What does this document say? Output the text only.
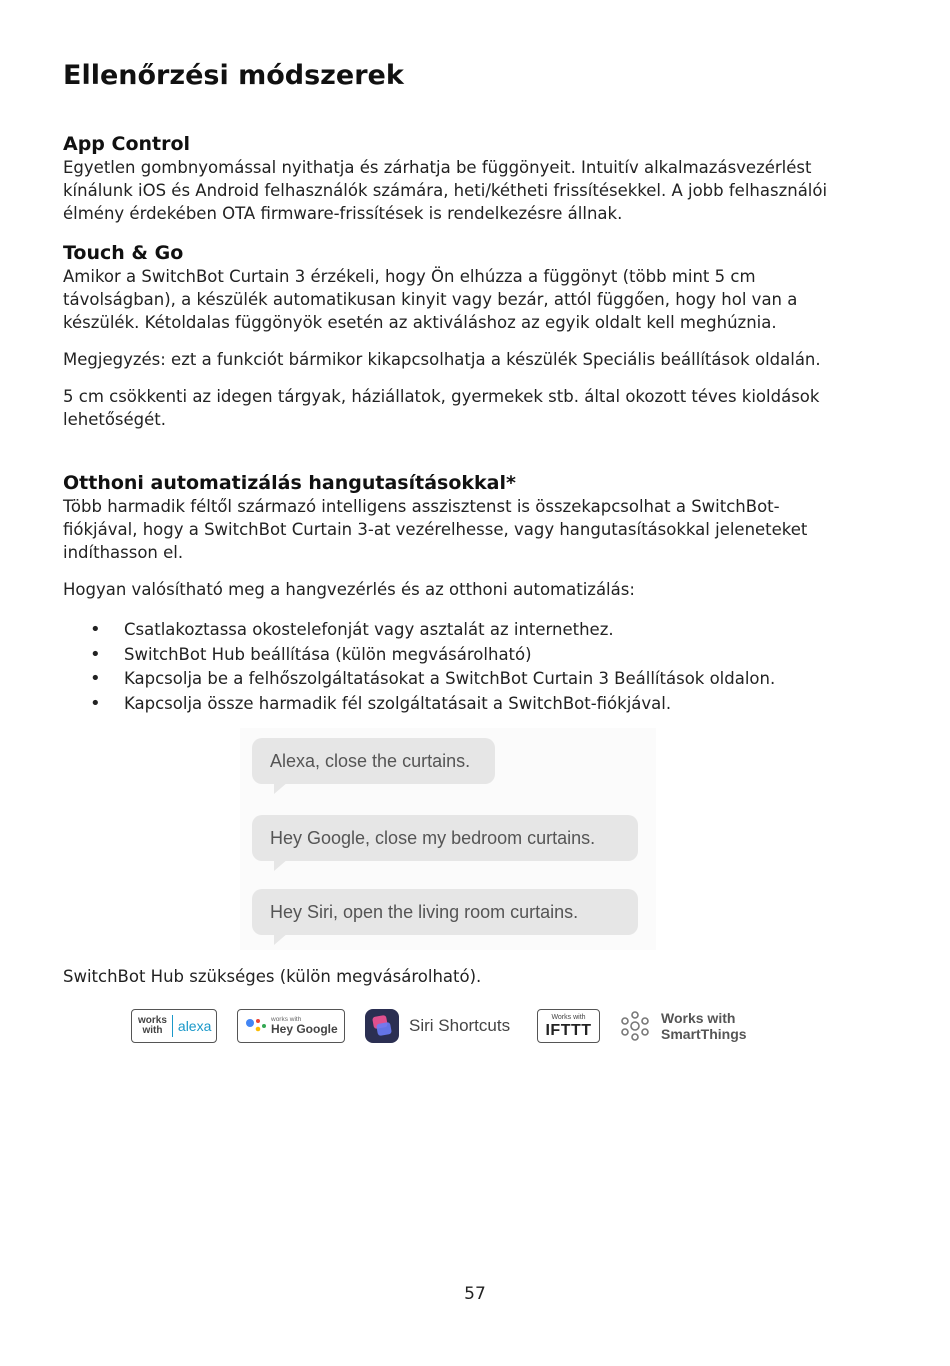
Ellenőrzési módszerek
App Control

Egyetlen gombnyomással nyithatja és zárhatja be függönyeit. Intuitív alkalmazásvezérlést kínálunk iOS és Android felhasználók számára, heti/kétheti frissítésekkel. A jobb felhasználói élmény érdekében OTA firmware-frissítések is rendelkezésre állnak.

Touch & Go

Amikor a SwitchBot Curtain 3 érzékeli, hogy Ön elhúzza a függönyt (több mint 5 cm távolságban), a készülék automatikusan kinyit vagy bezár, attól függően, hogy hol van a készülék. Kétoldalas függönyök esetén az aktiváláshoz az egyik oldalt kell meghúznia.

Megjegyzés: ezt a funkciót bármikor kikapcsolhatja a készülék Speciális beállítások oldalán.

5 cm csökkenti az idegen tárgyak, háziállatok, gyermekek stb. által okozott téves kioldások lehetőségét.

Otthoni automatizálás hangutasításokkal*

Több harmadik féltől származó intelligens asszisztenst is összekapcsolhat a SwitchBot-fiókjával, hogy a SwitchBot Curtain 3-at vezérelhesse, vagy hangutasításokkal jeleneteket indíthasson el.

Hogyan valósítható meg a hangvezérlés és az otthoni automatizálás:

• Csatlakoztassa okostelefonját vagy asztalát az internethez.
• SwitchBot Hub beállítása (külön megvásárolható)
• Kapcsolja be a felhőszolgáltatásokat a SwitchBot Curtain 3 Beállítások oldalon.
• Kapcsolja össze harmadik fél szolgáltatásait a SwitchBot-fiókjával.
SwitchBot Hub szükséges (külön megvásárolható).
Alexa, close the curtains.
Hey Google, close my bedroom curtains.
Hey Siri, open the living room curtains.
works
with	alexa	works with
Hey Google	Siri Shortcuts	Works with
IFTTT
Works with
SmartThings
57
